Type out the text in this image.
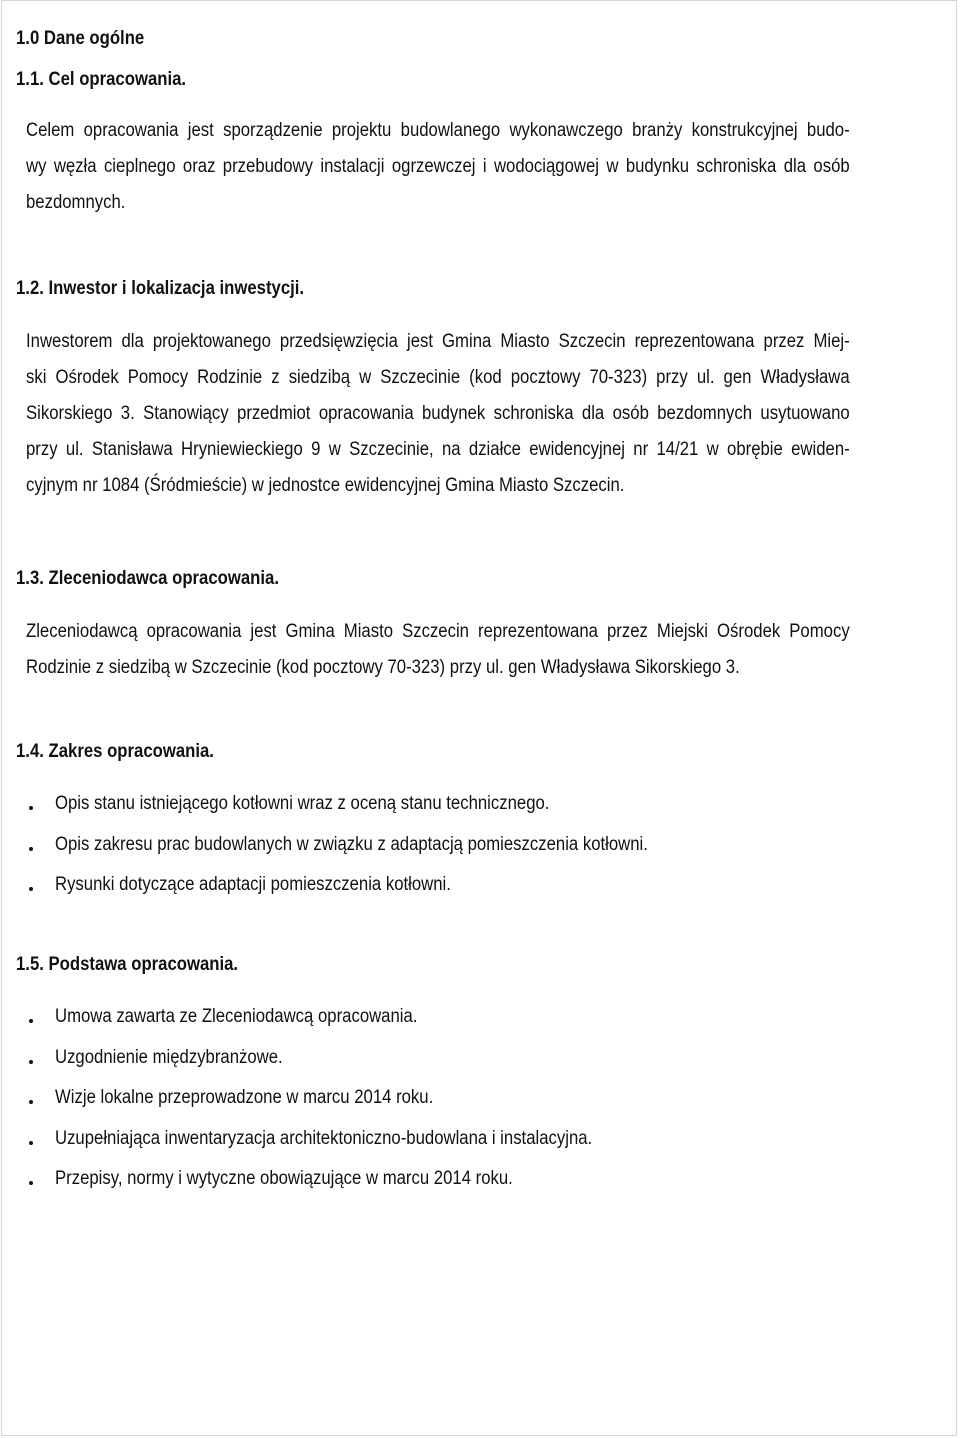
1.0 Dane ogólne
1.1. Cel opracowania.

Celem opracowania jest sporządzenie projektu budowlanego wykonawczego branży konstrukcyjnej budo-
wy węzła cieplnego oraz przebudowy instalacji ogrzewczej i wodociągowej w budynku schroniska dla osób
bezdomnych.

1.2. Inwestor i lokalizacja inwestycji.

Inwestorem dla projektowanego przedsięwzięcia jest Gmina Miasto Szczecin reprezentowana przez Miej-
ski Ośrodek Pomocy Rodzinie z siedzibą w Szczecinie (kod pocztowy 70-323) przy ul. gen Władysława
Sikorskiego 3. Stanowiący przedmiot opracowania budynek schroniska dla osób bezdomnych usytuowano
przy ul. Stanisława Hryniewieckiego 9 w Szczecinie, na działce ewidencyjnej nr 14/21 w obrębie ewiden-
cyjnym nr 1084 (Śródmieście) w jednostce ewidencyjnej Gmina Miasto Szczecin.

1.3. Zleceniodawca opracowania.

Zleceniodawcą opracowania jest Gmina Miasto Szczecin reprezentowana przez Miejski Ośrodek Pomocy
Rodzinie z siedzibą w Szczecinie (kod pocztowy 70-323) przy ul. gen Władysława Sikorskiego 3.

1.4. Zakres opracowania.
Opis stanu istniejącego kotłowni wraz z oceną stanu technicznego.
Opis zakresu prac budowlanych w związku z adaptacją pomieszczenia kotłowni.
Rysunki dotyczące adaptacji pomieszczenia kotłowni.
1.5. Podstawa opracowania.
Umowa zawarta ze Zleceniodawcą opracowania.
Uzgodnienie międzybranżowe.
Wizje lokalne przeprowadzone w marcu 2014 roku.
Uzupełniająca inwentaryzacja architektoniczno-budowlana i instalacyjna.
Przepisy, normy i wytyczne obowiązujące w marcu 2014 roku.
